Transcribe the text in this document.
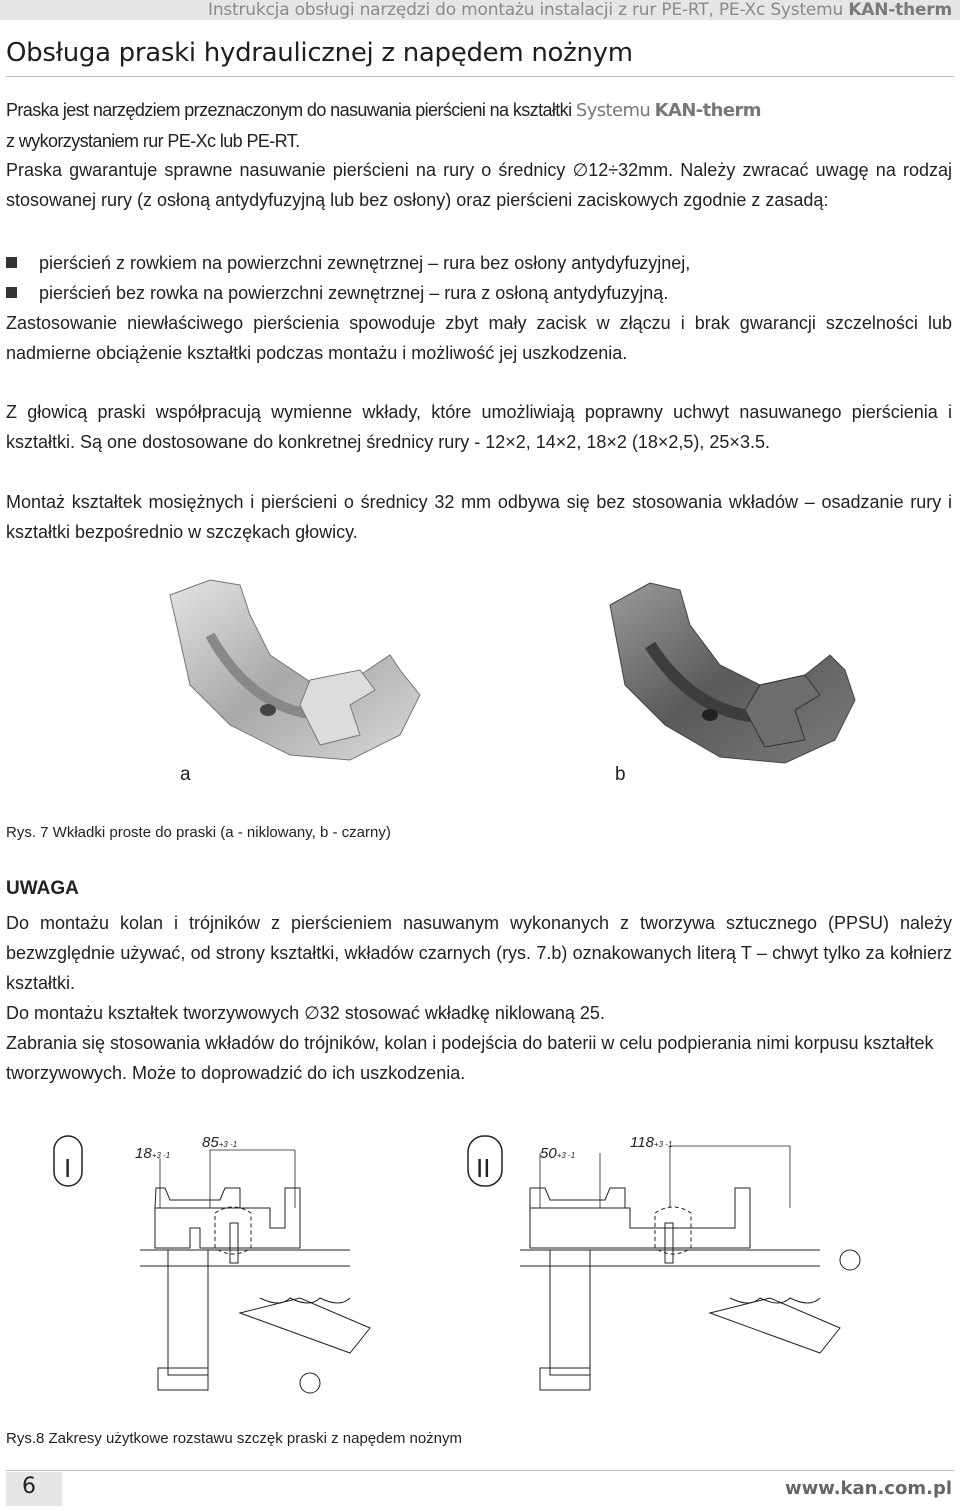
Instrukcja obsługi narzędzi do montażu instalacji z rur PE-RT, PE-Xc Systemu KAN-therm
Obsługa praski hydraulicznej z napędem nożnym
Praska jest narzędziem przeznaczonym do nasuwania pierścieni na kształtki Systemu KAN-therm
z wykorzystaniem rur PE-Xc lub PE-RT.

Praska gwarantuje sprawne nasuwanie pierścieni na rury o średnicy ∅12÷32mm. Należy zwracać uwagę na rodzaj stosowanej rury (z osłoną antydyfuzyjną lub bez osłony) oraz pierścieni zaciskowych zgodnie z zasadą:

pierścień z rowkiem na powierzchni zewnętrznej – rura bez osłony antydyfuzyjnej,
pierścień bez rowka na powierzchni zewnętrznej – rura z osłoną antydyfuzyjną.

Zastosowanie niewłaściwego pierścienia spowoduje zbyt mały zacisk w złączu i brak gwarancji szczelności lub nadmierne obciążenie kształtki podczas montażu i możliwość jej uszkodzenia.

Z głowicą praski współpracują wymienne wkłady, które umożliwiają poprawny uchwyt nasuwanego pierścienia i kształtki. Są one dostosowane do konkretnej średnicy rury - 12×2, 14×2, 18×2 (18×2,5), 25×3.5.

Montaż kształtek mosiężnych i pierścieni o średnicy 32 mm odbywa się bez stosowania wkładów – osadzanie rury i kształtki bezpośrednio w szczękach głowicy.

a	b
Rys. 7 Wkładki proste do praski (a - niklowany, b - czarny)
UWAGA

Do montażu kolan i trójników z pierścieniem nasuwanym wykonanych z tworzywa sztucznego (PPSU) należy bezwzględnie używać, od strony kształtki, wkładów czarnych (rys. 7.b) oznakowanych literą T – chwyt tylko za kołnierz kształtki.

Do montażu kształtek tworzywowych ∅32 stosować wkładkę niklowaną 25.

Zabrania się stosowania wkładów do trójników, kolan i podejścia do baterii w celu podpierania nimi korpusu kształtek tworzywowych. Może to doprowadzić do ich uszkodzenia.

I	18+3 -1
85+3 -1
II	50+3 -1
118+3 -1
Rys.8 Zakresy użytkowe rozstawu szczęk praski z napędem nożnym
6	www.kan.com.pl
